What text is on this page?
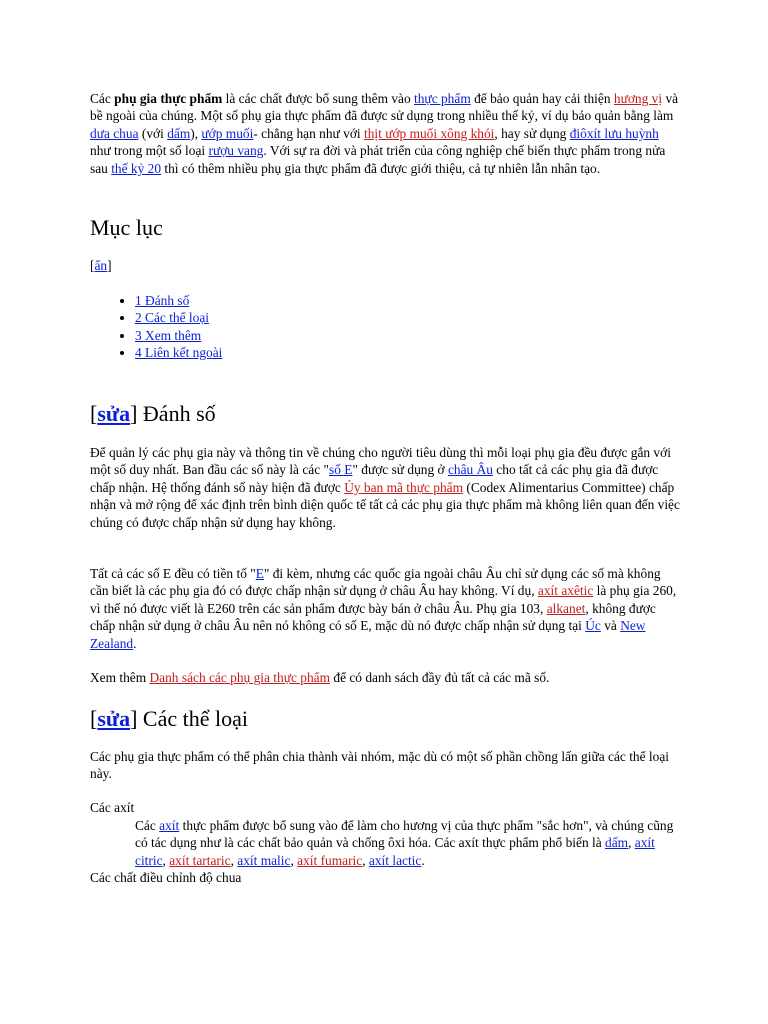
Các phụ gia thực phẩm là các chất được bổ sung thêm vào thực phẩm để bảo quản hay cải thiện hương vị và bề ngoài của chúng. Một số phụ gia thực phẩm đã được sử dụng trong nhiều thế kỷ, ví dụ bảo quản bằng làm dưa chua (với dấm), ướp muối- chẳng hạn như với thịt ướp muối xông khói, hay sử dụng điôxít lưu huỳnh như trong một số loại rượu vang. Với sự ra đời và phát triển của công nghiệp chế biến thực phẩm trong nửa sau thế kỷ 20 thì có thêm nhiều phụ gia thực phẩm đã được giới thiệu, cả tự nhiên lẫn nhân tạo.

Mục lục
[ẩn]
• 1 Đánh số
• 2 Các thể loại
• 3 Xem thêm
• 4 Liên kết ngoài
[sửa] Đánh số

Để quản lý các phụ gia này và thông tin về chúng cho người tiêu dùng thì mỗi loại phụ gia đều được gắn với một số duy nhất. Ban đầu các số này là các "số E" được sử dụng ở châu Âu cho tất cả các phụ gia đã được chấp nhận. Hệ thống đánh số này hiện đã được Ủy ban mã thực phẩm (Codex Alimentarius Committee) chấp nhận và mở rộng để xác định trên bình diện quốc tế tất cả các phụ gia thực phẩm mà không liên quan đến việc chúng có được chấp nhận sử dụng hay không.

Tất cả các số E đều có tiền tố "E" đi kèm, nhưng các quốc gia ngoài châu Âu chỉ sử dụng các số mà không cần biết là các phụ gia đó có được chấp nhận sử dụng ở châu Âu hay không. Ví dụ, axít axêtic là phụ gia 260, vì thế nó được viết là E260 trên các sản phẩm được bày bán ở châu Âu. Phụ gia 103, alkanet, không được chấp nhận sử dụng ở châu Âu nên nó không có số E, mặc dù nó được chấp nhận sử dụng tại Úc và New Zealand.

Xem thêm Danh sách các phụ gia thực phẩm để có danh sách đầy đủ tất cả các mã số.

[sửa] Các thể loại

Các phụ gia thực phẩm có thể phân chia thành vài nhóm, mặc dù có một số phần chồng lấn giữa các thể loại này.

Các axít

Các axít thực phẩm được bổ sung vào để làm cho hương vị của thực phẩm "sắc hơn", và chúng cũng có tác dụng như là các chất bảo quản và chống ôxi hóa. Các axít thực phẩm phổ biến là dấm, axít citric, axít tartaric, axít malic, axít fumaric, axít lactic.

Các chất điều chỉnh độ chua
